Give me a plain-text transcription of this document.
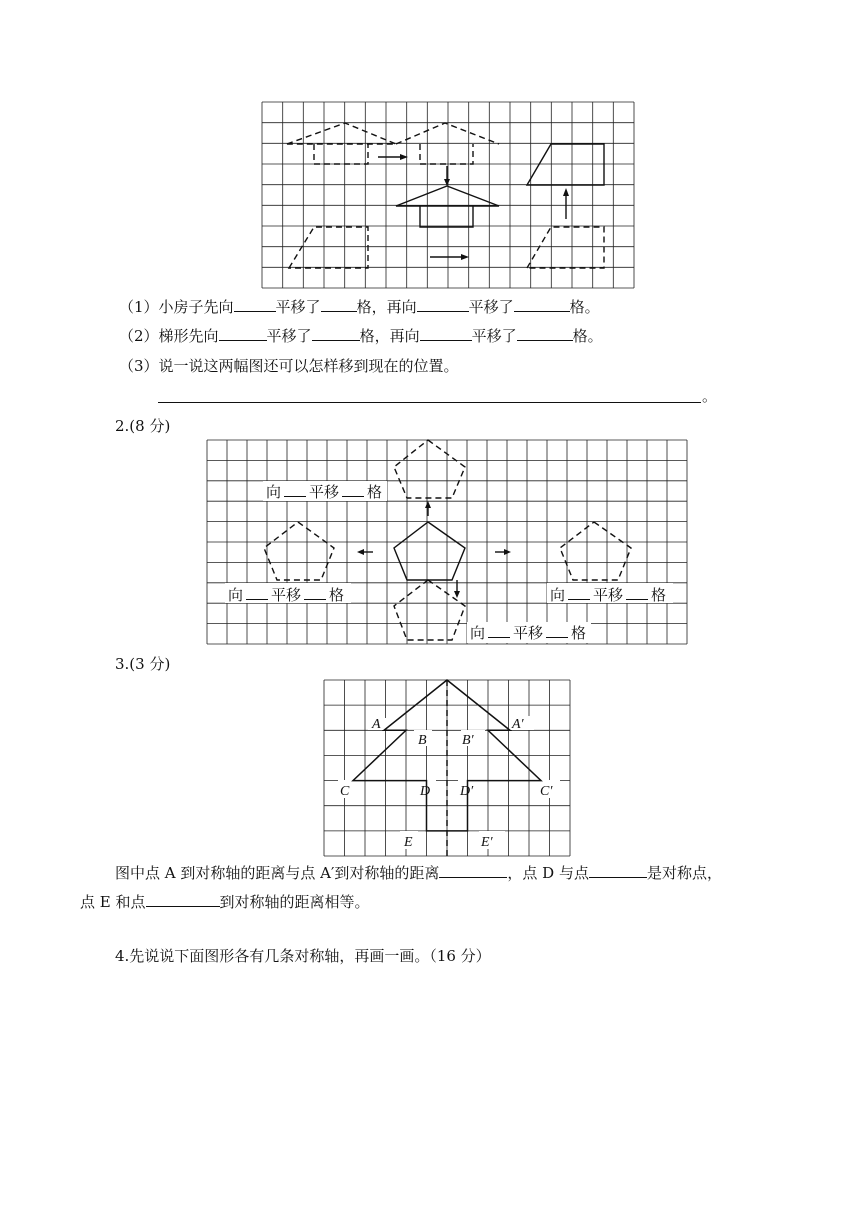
（1）小房子先向	平移了 格，再向	平移了	格。
（2）梯形先向	平移了	格，再向	平移了	格。
（3）说一说这两幅图还可以怎样移到现在的位置。
。
2.(8 分)
向 平移 格
向 平移 格	向 平移 格
向 平移 格
3.(3 分)
A	A′
B	B′
C	C′
D D′
E	E′
图中点 A 到对称轴的距离与点 A′到对称轴的距离	，点 D 与点	是对称点，
点 E 和点	到对称轴的距离相等。
4.先说说下面图形各有几条对称轴，再画一画。（16 分）
